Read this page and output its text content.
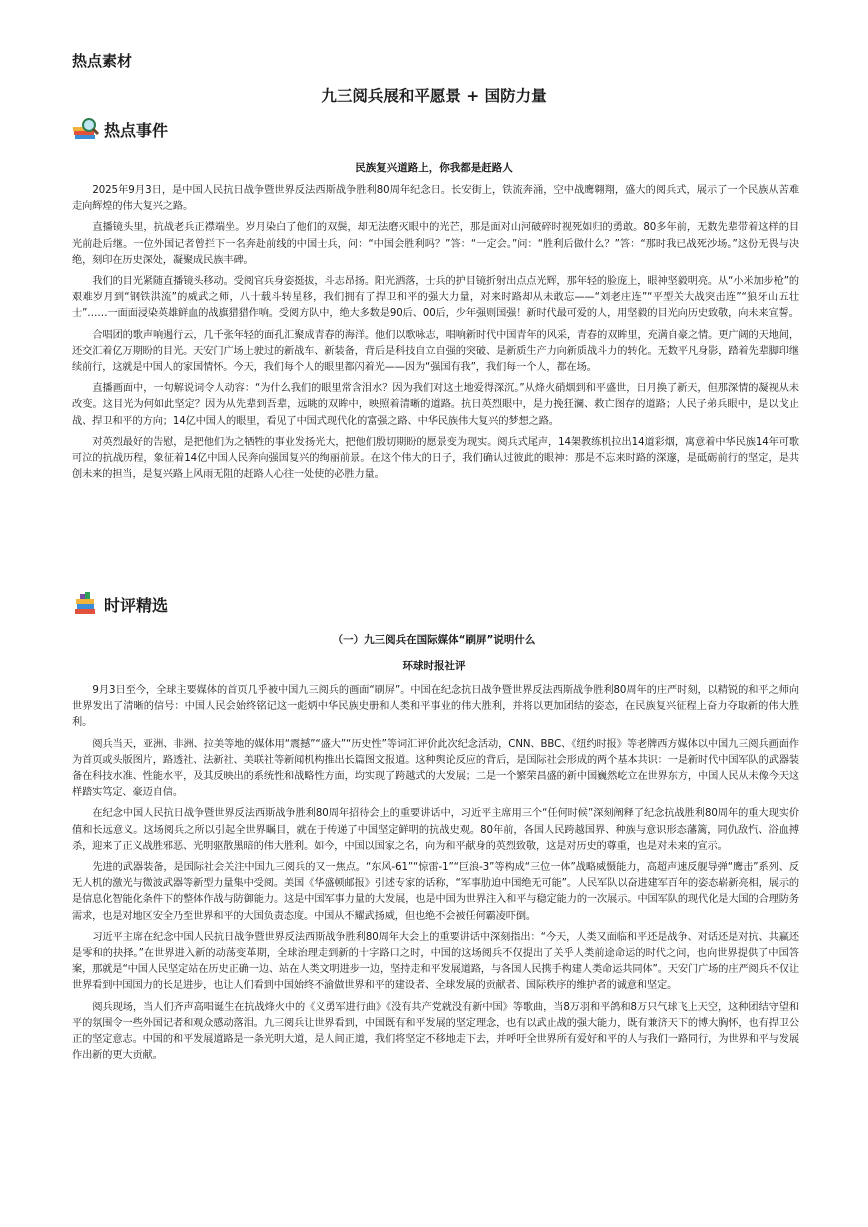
热点素材
九三阅兵展和平愿景 + 国防力量
热点事件
民族复兴道路上，你我都是赶路人

2025年9月3日，是中国人民抗日战争暨世界反法西斯战争胜利80周年纪念日。长安街上，铁流奔涌，空中战鹰翱翔，盛大的阅兵式，展示了一个民族从苦难走向辉煌的伟大复兴之路。

直播镜头里，抗战老兵正襟端坐。岁月染白了他们的双鬓，却无法磨灭眼中的光芒，那是面对山河破碎时视死如归的勇敢。80多年前，无数先辈带着这样的目光前赴后继。一位外国记者曾拦下一名奔赴前线的中国士兵，问：“中国会胜利吗？”答：“一定会。”问：“胜利后做什么？”答：“那时我已战死沙场。”这份无畏与决绝，刻印在历史深处，凝聚成民族丰碑。

我们的目光紧随直播镜头移动。受阅官兵身姿挺拔，斗志昂扬。阳光洒落，士兵的护目镜折射出点点光辉，那年轻的脸庞上，眼神坚毅明亮。从“小米加步枪”的艰难岁月到“钢铁洪流”的威武之师，八十载斗转星移，我们拥有了捍卫和平的强大力量，对来时路却从未敢忘——“刘老庄连”“平型关大战突击连”“狼牙山五壮士”……一面面浸染英雄鲜血的战旗猎猎作响。受阅方队中，绝大多数是90后、00后，少年强则国强！新时代最可爱的人，用坚毅的目光向历史致敬，向未来宣誓。

合唱团的歌声响遏行云，几千张年轻的面孔汇聚成青春的海洋。他们以歌咏志，唱响新时代中国青年的风采，青春的双眸里，充满自豪之情。更广阔的天地间，还交汇着亿万期盼的目光。天安门广场上驶过的新战车、新装备，背后是科技自立自强的突破、是新质生产力向新质战斗力的转化。无数平凡身影，踏着先辈脚印继续前行，这就是中国人的家国情怀。今天，我们每个人的眼里都闪着光——因为“强国有我”，我们每一个人，都在场。

直播画面中，一句解说词令人动容：“为什么我们的眼里常含泪水？因为我们对这土地爱得深沉。”从烽火硝烟到和平盛世，日月换了新天，但那深情的凝视从未改变。这目光为何如此坚定？因为从先辈到吾辈，远眺的双眸中，映照着清晰的道路。抗日英烈眼中，是力挽狂澜、救亡图存的道路；人民子弟兵眼中，是以戈止战、捍卫和平的方向；14亿中国人的眼里，看见了中国式现代化的富强之路、中华民族伟大复兴的梦想之路。

对英烈最好的告慰，是把他们为之牺牲的事业发扬光大，把他们殷切期盼的愿景变为现实。阅兵式尾声，14架教练机拉出14道彩烟，寓意着中华民族14年可歌可泣的抗战历程，象征着14亿中国人民奔向强国复兴的绚丽前景。在这个伟大的日子，我们确认过彼此的眼神：那是不忘来时路的深邃，是砥砺前行的坚定，是共创未来的担当，是复兴路上风雨无阻的赶路人心往一处使的必胜力量。

时评精选
（一）九三阅兵在国际媒体“刷屏”说明什么
环球时报社评

9月3日至今，全球主要媒体的首页几乎被中国九三阅兵的画面“刷屏”。中国在纪念抗日战争暨世界反法西斯战争胜利80周年的庄严时刻，以精锐的和平之师向世界发出了清晰的信号：中国人民会始终铭记这一彪炳中华民族史册和人类和平事业的伟大胜利，并将以更加团结的姿态，在民族复兴征程上奋力夺取新的伟大胜利。

阅兵当天，亚洲、非洲、拉美等地的媒体用“震撼”“盛大”“历史性”等词汇评价此次纪念活动，CNN、BBC、《纽约时报》等老牌西方媒体以中国九三阅兵画面作为首页或头版图片，路透社、法新社、美联社等新闻机构推出长篇图文报道。这种舆论反应的背后，是国际社会形成的两个基本共识：一是新时代中国军队的武器装备在科技水准、性能水平，及其反映出的系统性和战略性方面，均实现了跨越式的大发展；二是一个繁荣昌盛的新中国巍然屹立在世界东方，中国人民从未像今天这样踏实笃定、豪迈自信。

在纪念中国人民抗日战争暨世界反法西斯战争胜利80周年招待会上的重要讲话中，习近平主席用三个“任何时候”深刻阐释了纪念抗战胜利80周年的重大现实价值和长远意义。这场阅兵之所以引起全世界瞩目，就在于传递了中国坚定鲜明的抗战史观。80年前，各国人民跨越国界、种族与意识形态藩篱，同仇敌忾、浴血搏杀，迎来了正义战胜邪恶、光明驱散黑暗的伟大胜利。如今，中国以国家之名，向为和平献身的英烈致敬，这是对历史的尊重，也是对未来的宣示。

先进的武器装备，是国际社会关注中国九三阅兵的又一焦点。“东风-61”“惊雷-1”“巨浪-3”等构成“三位一体”战略威慑能力，高超声速反舰导弹“鹰击”系列、反无人机的激光与微波武器等新型力量集中受阅。美国《华盛顿邮报》引述专家的话称，“军事肋迫中国绝无可能”。人民军队以奋进建军百年的姿态崭新亮相，展示的是信息化智能化条件下的整体作战与防御能力。这是中国军事力量的大发展，也是中国为世界注入和平与稳定能力的一次展示。中国军队的现代化是大国的合理防务需求，也是对地区安全乃至世界和平的大国负责态度。中国从不耀武扬威，但也绝不会被任何霸凌吓倒。

习近平主席在纪念中国人民抗日战争暨世界反法西斯战争胜利80周年大会上的重要讲话中深刻指出：“今天，人类又面临和平还是战争、对话还是对抗、共赢还是零和的抉择。”在世界进入新的动荡变革期，全球治理走到新的十字路口之时，中国的这场阅兵不仅提出了关乎人类前途命运的时代之问，也向世界提供了中国答案，那就是“中国人民坚定站在历史正确一边、站在人类文明进步一边，坚持走和平发展道路，与各国人民携手构建人类命运共同体”。天安门广场的庄严阅兵不仅让世界看到中国国力的长足进步，也让人们看到中国始终不渝做世界和平的建设者、全球发展的贡献者、国际秩序的维护者的诚意和坚定。

阅兵现场，当人们齐声高唱诞生在抗战烽火中的《义勇军进行曲》《没有共产党就没有新中国》等歌曲，当8万羽和平鸽和8万只气球飞上天空，这种团结守望和平的氛围令一些外国记者和观众感动落泪。九三阅兵让世界看到，中国既有和平发展的坚定理念，也有以武止战的强大能力，既有兼济天下的博大胸怀，也有捍卫公正的坚定意志。中国的和平发展道路是一条光明大道，是人间正道，我们将坚定不移地走下去，并呼吁全世界所有爱好和平的人与我们一路同行，为世界和平与发展作出新的更大贡献。
